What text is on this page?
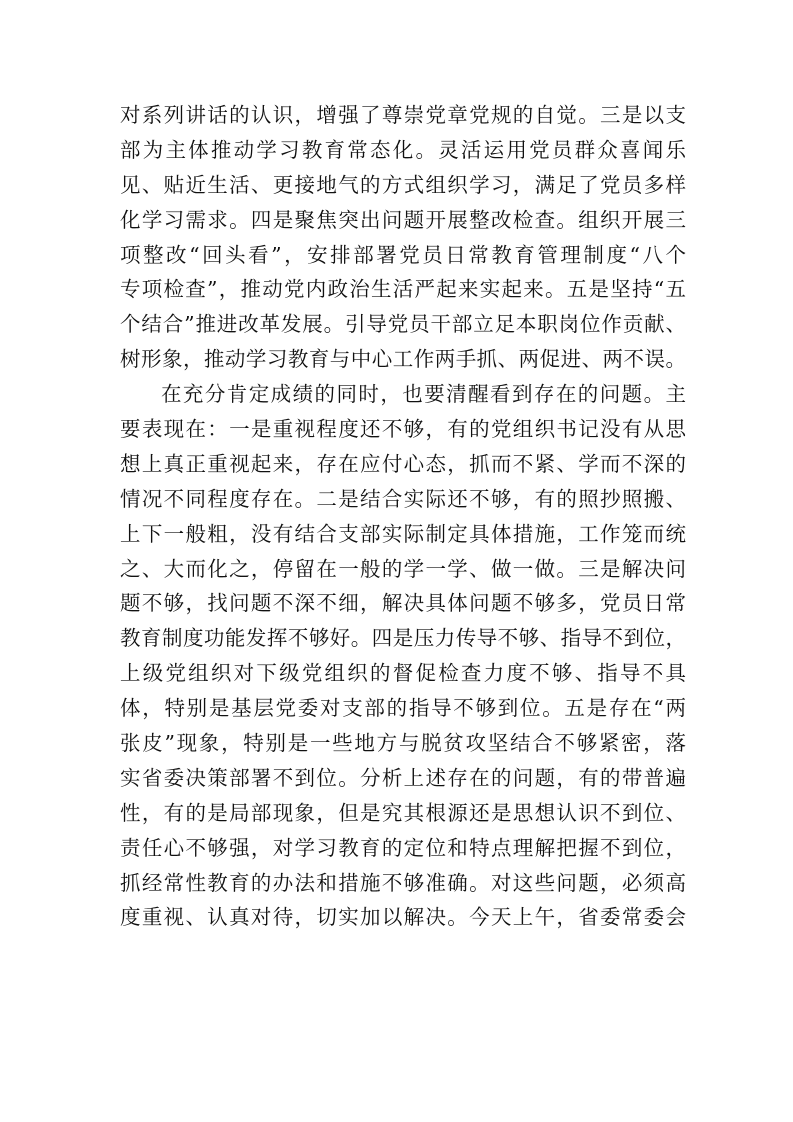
对系列讲话的认识，增强了尊崇党章党规的自觉。三是以支
部为主体推动学习教育常态化。灵活运用党员群众喜闻乐
见、贴近生活、更接地气的方式组织学习，满足了党员多样
化学习需求。四是聚焦突出问题开展整改检查。组织开展三
项整改“回头看”，安排部署党员日常教育管理制度“八个
专项检查”，推动党内政治生活严起来实起来。五是坚持“五
个结合”推进改革发展。引导党员干部立足本职岗位作贡献、
树形象，推动学习教育与中心工作两手抓、两促进、两不误。
在充分肯定成绩的同时，也要清醒看到存在的问题。主
要表现在：一是重视程度还不够，有的党组织书记没有从思
想上真正重视起来，存在应付心态，抓而不紧、学而不深的
情况不同程度存在。二是结合实际还不够，有的照抄照搬、
上下一般粗，没有结合支部实际制定具体措施，工作笼而统
之、大而化之，停留在一般的学一学、做一做。三是解决问
题不够，找问题不深不细，解决具体问题不够多，党员日常
教育制度功能发挥不够好。四是压力传导不够、指导不到位，
上级党组织对下级党组织的督促检查力度不够、指导不具
体，特别是基层党委对支部的指导不够到位。五是存在“两
张皮”现象，特别是一些地方与脱贫攻坚结合不够紧密，落
实省委决策部署不到位。分析上述存在的问题，有的带普遍
性，有的是局部现象，但是究其根源还是思想认识不到位、
责任心不够强，对学习教育的定位和特点理解把握不到位，
抓经常性教育的办法和措施不够准确。对这些问题，必须高
度重视、认真对待，切实加以解决。今天上午，省委常委会
